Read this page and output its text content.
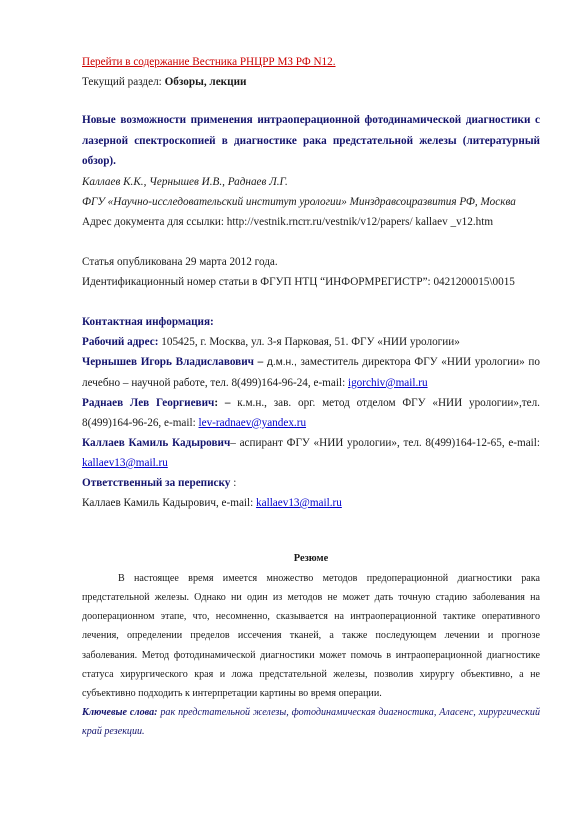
Перейти в содержание Вестника РНЦРР МЗ РФ N12.
Текущий раздел: Обзоры, лекции
Новые возможности применения интраоперационной фотодинамической диагностики с лазерной спектроскопией в диагностике рака предстательной железы (литературный обзор).
Каллаев К.К., Чернышев И.В., Раднаев Л.Г.
ФГУ «Научно-исследовательский институт урологии» Минздравсоцразвития РФ, Москва
Адрес документа для ссылки: http://vestnik.rncrr.ru/vestnik/v12/papers/ kallaev _v12.htm
Статья опубликована 29 марта 2012 года.
Идентификационный номер статьи в ФГУП НТЦ “ИНФОРМРЕГИСТР”: 0421200015\0015
Контактная информация:
Рабочий адрес: 105425, г. Москва, ул. 3-я Парковая, 51. ФГУ «НИИ урологии»
Чернышев Игорь Владиславович – д.м.н., заместитель директора ФГУ «НИИ урологии» по лечебно – научной работе, тел. 8(499)164-96-24, e-mail: igorchiv@mail.ru
Раднаев Лев Георгиевич: – к.м.н., зав. орг. метод отделом ФГУ «НИИ урологии»,тел. 8(499)164-96-26, e-mail: lev-radnaev@yandex.ru
Каллаев Камиль Кадырович– аспирант ФГУ «НИИ урологии», тел. 8(499)164-12-65, e-mail: kallaev13@mail.ru
Ответственный за переписку :
Каллаев Камиль Кадырович, e-mail: kallaev13@mail.ru
Резюме
В настоящее время имеется множество методов предоперационной диагностики рака предстательной железы. Однако ни один из методов не может дать точную стадию заболевания на дооперационном этапе, что, несомненно, сказывается на интраоперационной тактике оперативного лечения, определении пределов иссечения тканей, а также последующем лечении и прогнозе заболевания. Метод фотодинамической диагностики может помочь в интраоперационной диагностике статуса хирургического края и ложа предстательной железы, позволив хирургу объективно, а не субъективно подходить к интерпретации картины во время операции.
Ключевые слова: рак предстательной железы, фотодинамическая диагностика, Аласенс, хирургический край резекции.
